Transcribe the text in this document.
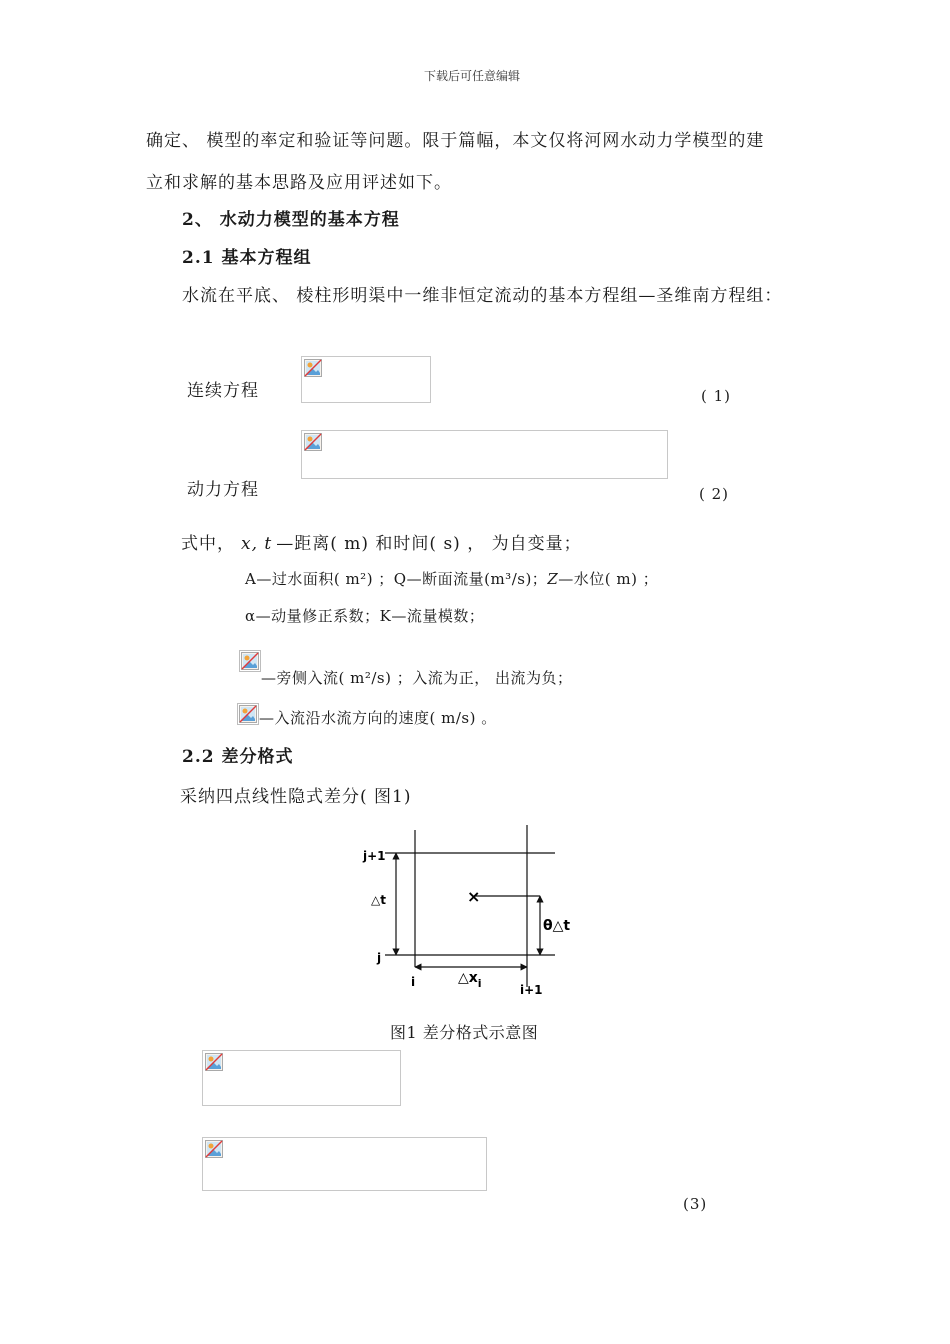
下载后可任意编辑
确定、 模型的率定和验证等问题。限于篇幅，本文仅将河网水动力学模型的建
立和求解的基本思路及应用评述如下。
2、 水动力模型的基本方程
2.1 基本方程组
水流在平底、 棱柱形明渠中一维非恒定流动的基本方程组—圣维南方程组：
连续方程	( 1)
动力方程	( 2)
式中， x, t —距离( m) 和时间( s) ， 为自变量；
A—过水面积( m²) ；Q—断面流量(m³/s)；Z—水位( m) ；
α—动量修正系数；K—流量模数；
—旁侧入流( m²/s) ；入流为正， 出流为负；
—入流沿水流方向的速度( m/s) 。
2.2 差分格式
采纳四点线性隐式差分( 图1)
j+1
j
△t
θ△t
i
i+1
$\triangle x_i$
×
图1 差分格式示意图
(3)
